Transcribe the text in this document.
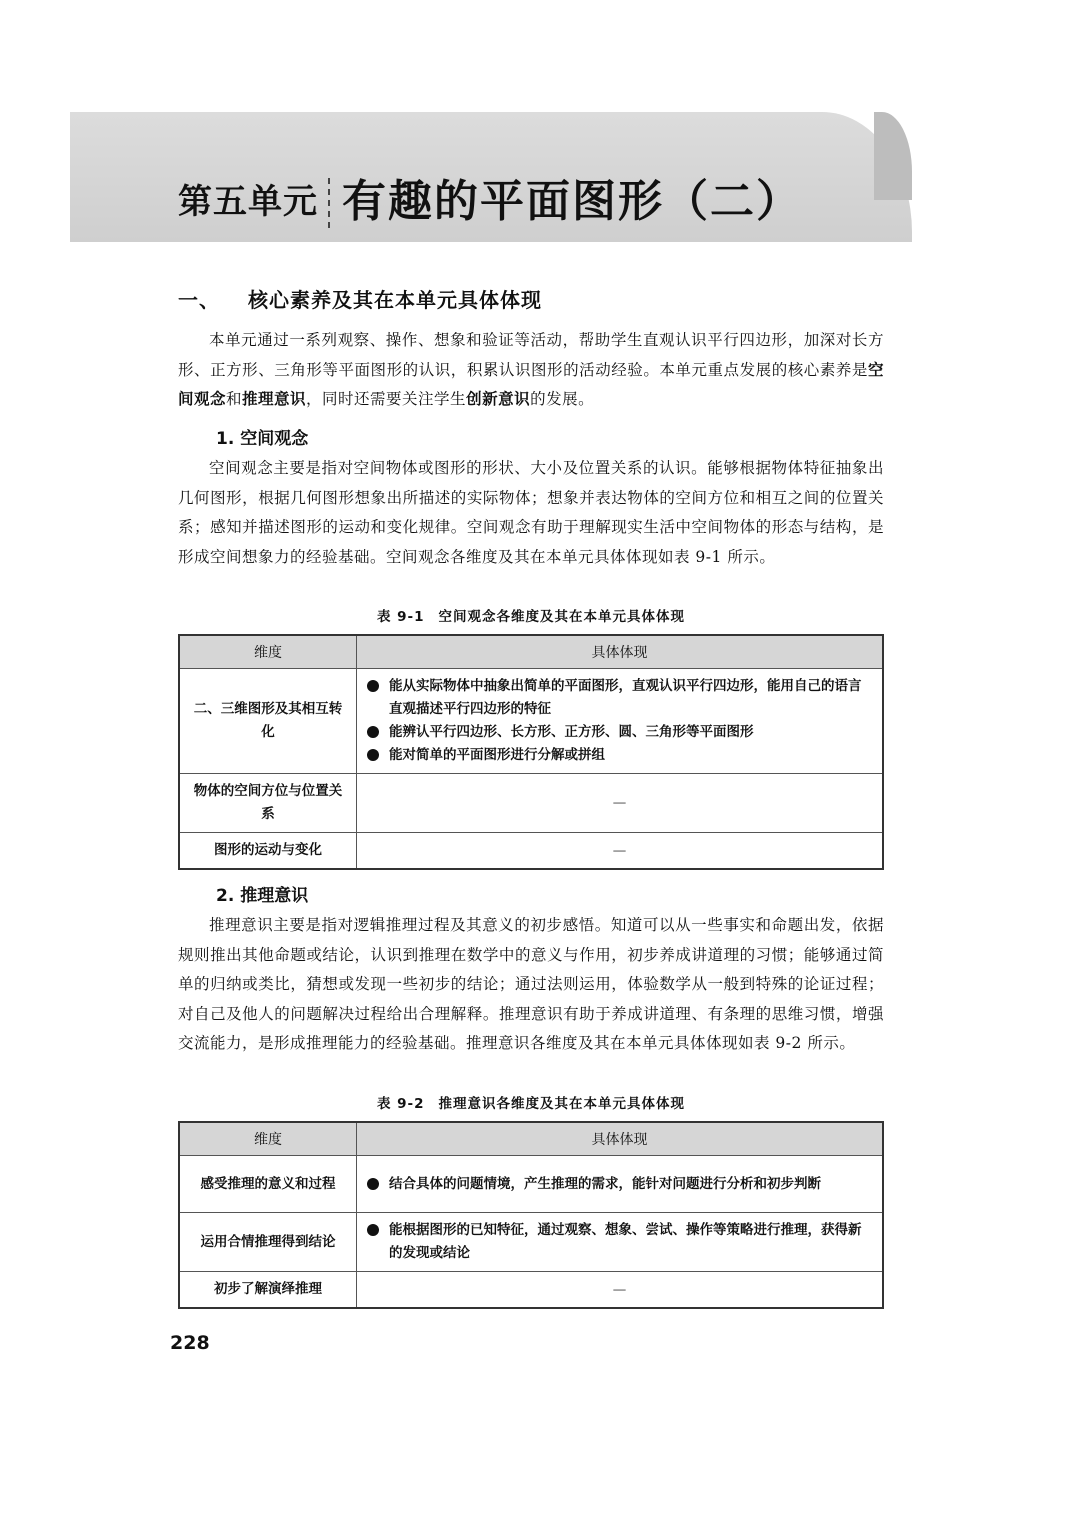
第五单元 有趣的平面图形（二）
一、 核心素养及其在本单元具体体现
本单元通过一系列观察、操作、想象和验证等活动，帮助学生直观认识平行四边形，加深对长方形、正方形、三角形等平面图形的认识，积累认识图形的活动经验。本单元重点发展的核心素养是空间观念和推理意识，同时还需要关注学生创新意识的发展。
1. 空间观念
空间观念主要是指对空间物体或图形的形状、大小及位置关系的认识。能够根据物体特征抽象出几何图形，根据几何图形想象出所描述的实际物体；想象并表达物体的空间方位和相互之间的位置关系；感知并描述图形的运动和变化规律。空间观念有助于理解现实生活中空间物体的形态与结构，是形成空间想象力的经验基础。空间观念各维度及其在本单元具体体现如表 9-1 所示。
表 9-1 空间观念各维度及其在本单元具体体现
维度	具体体现
二、三维图形及其相互转化	能从实际物体中抽象出简单的平面图形，直观认识平行四边形，能用自己的语言直观描述平行四边形的特征
能辨认平行四边形、长方形、正方形、圆、三角形等平面图形
能对简单的平面图形进行分解或拼组

物体的空间方位与位置关系	—
图形的运动与变化	—
2. 推理意识
推理意识主要是指对逻辑推理过程及其意义的初步感悟。知道可以从一些事实和命题出发，依据规则推出其他命题或结论，认识到推理在数学中的意义与作用，初步养成讲道理的习惯；能够通过简单的归纳或类比，猜想或发现一些初步的结论；通过法则运用，体验数学从一般到特殊的论证过程；对自己及他人的问题解决过程给出合理解释。推理意识有助于养成讲道理、有条理的思维习惯，增强交流能力，是形成推理能力的经验基础。推理意识各维度及其在本单元具体体现如表 9-2 所示。
表 9-2 推理意识各维度及其在本单元具体体现
维度	具体体现
感受推理的意义和过程	结合具体的问题情境，产生推理的需求，能针对问题进行分析和初步判断

运用合情推理得到结论	能根据图形的已知特征，通过观察、想象、尝试、操作等策略进行推理，获得新的发现或结论

初步了解演绎推理	—
228
